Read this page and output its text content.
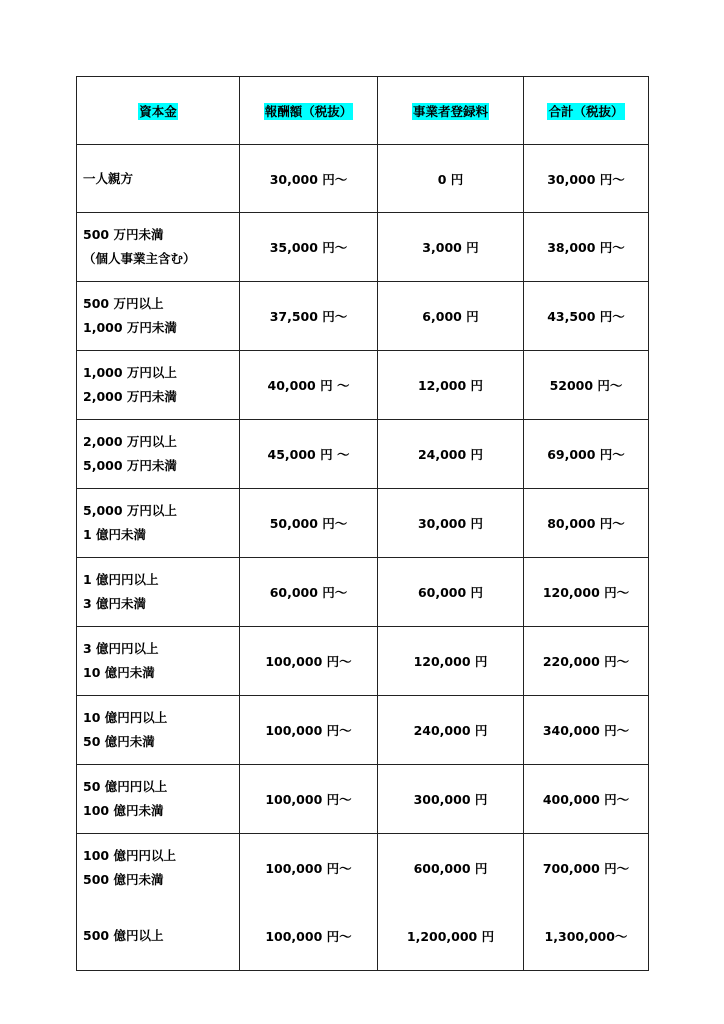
資本金	報酬額（税抜）	事業者登録料	合計（税抜）

一人親方	30,000 円～	0 円	30,000 円～

500 万円未満
（個人事業主含む）	35,000 円～	3,000 円	38,000 円～

500 万円以上
1,000 万円未満	37,500 円～	6,000 円	43,500 円～

1,000 万円以上
2,000 万円未満	40,000 円 ～	12,000 円	52000 円～

2,000 万円以上
5,000 万円未満	45,000 円 ～	24,000 円	69,000 円～

5,000 万円以上
1 億円未満	50,000 円～	30,000 円	80,000 円～

1 億円円以上
3 億円未満	60,000 円～	60,000 円	120,000 円～

3 億円円以上
10 億円未満	100,000 円～	120,000 円	220,000 円～

10 億円円以上
50 億円未満	100,000 円～	240,000 円	340,000 円～

50 億円円以上
100 億円未満	100,000 円～	300,000 円	400,000 円～

100 億円円以上
500 億円未満	100,000 円～	600,000 円	700,000 円～

500 億円以上	100,000 円～	1,200,000 円	1,300,000～
